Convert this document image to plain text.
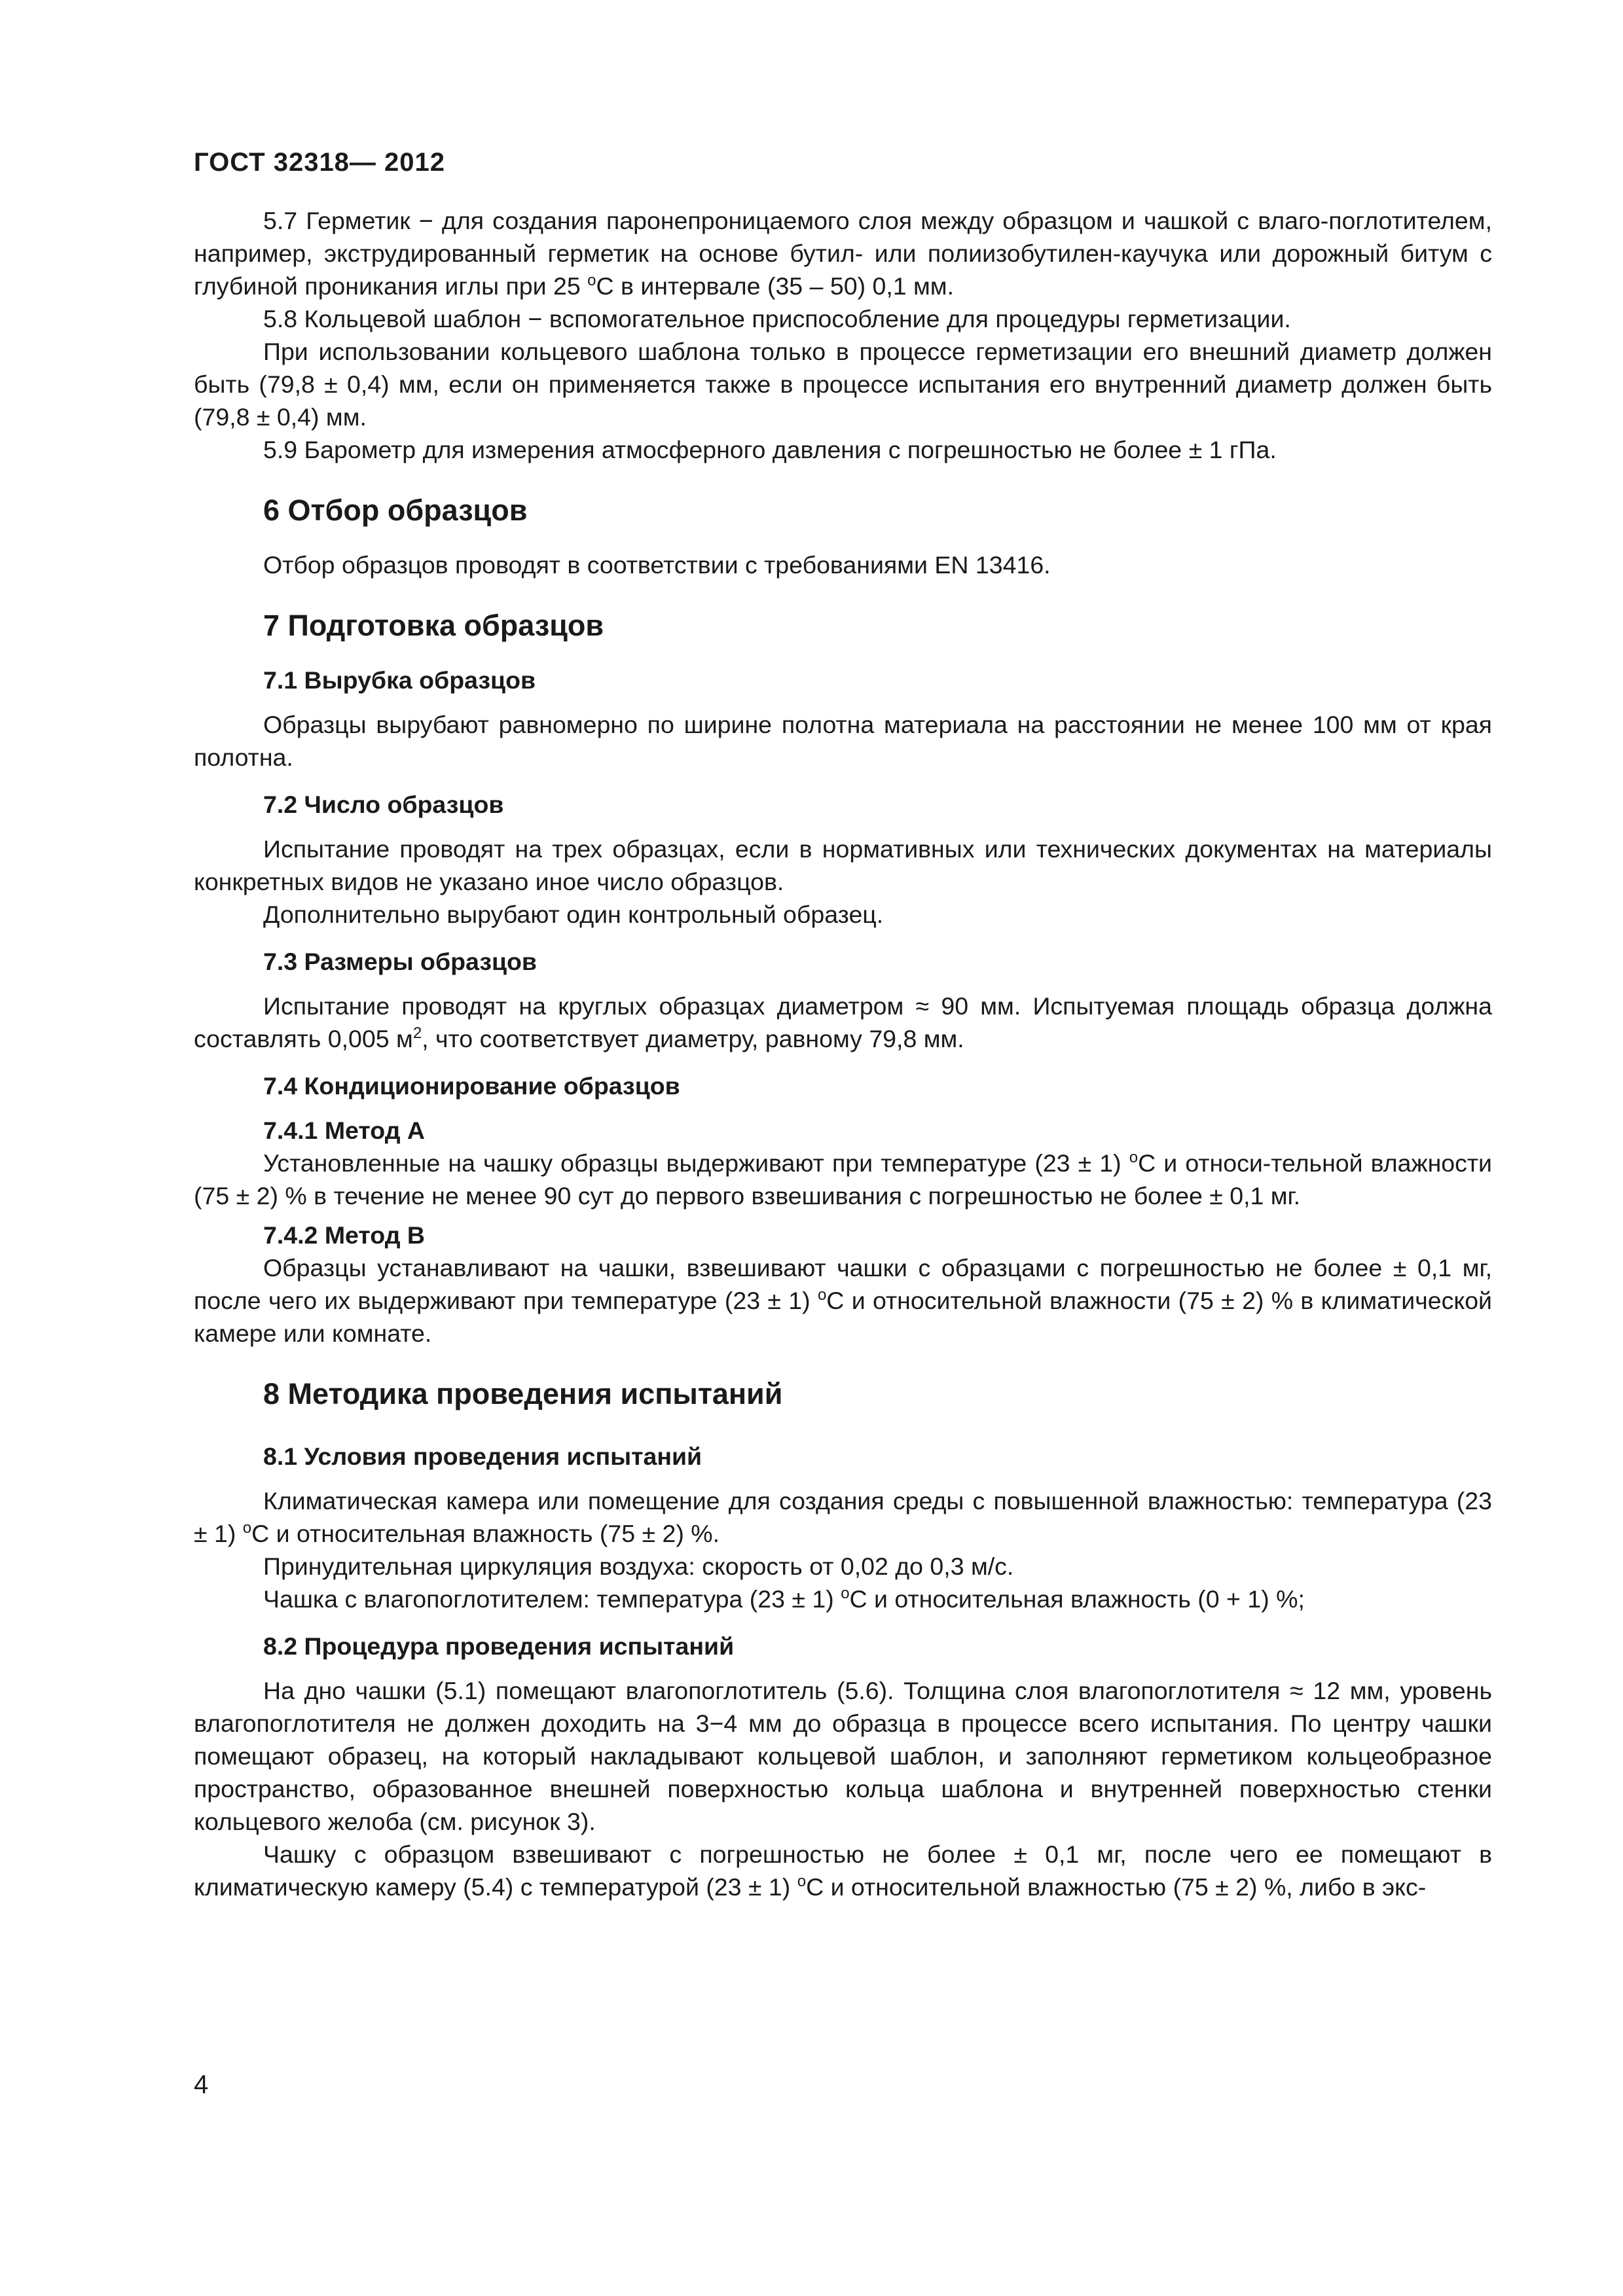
ГОСТ 32318— 2012

5.7 Герметик − для создания паронепроницаемого слоя между образцом и чашкой с влаго-поглотителем, например, экструдированный герметик на основе бутил- или полиизобутилен-каучука или дорожный битум с глубиной проникания иглы при 25 $^о$С в интервале (35 – 50) 0,1 мм.

5.8 Кольцевой шаблон − вспомогательное приспособление для процедуры герметизации.

При использовании кольцевого шаблона только в процессе герметизации его внешний диаметр должен быть (79,8 ± 0,4) мм, если он применяется также в процессе испытания его внутренний диаметр должен быть (79,8 ± 0,4) мм.

5.9 Барометр для измерения атмосферного давления с погрешностью не более ± 1 гПа.

6 Отбор образцов

Отбор образцов проводят в соответствии с требованиями EN 13416.

7 Подготовка образцов
7.1 Вырубка образцов

Образцы вырубают равномерно по ширине полотна материала на расстоянии не менее 100 мм от края полотна.

7.2 Число образцов

Испытание проводят на трех образцах, если в нормативных или технических документах на материалы конкретных видов не указано иное число образцов.

Дополнительно вырубают один контрольный образец.

7.3 Размеры образцов

Испытание проводят на круглых образцах диаметром ≈ 90 мм. Испытуемая площадь образца должна составлять 0,005 $м^2$, что соответствует диаметру, равному 79,8 мм.

7.4 Кондиционирование образцов
7.4.1 Метод А

Установленные на чашку образцы выдерживают при температуре (23 ± 1) $^о$С и относи-тельной влажности (75 ± 2) % в течение не менее 90 сут до первого взвешивания с погрешностью не более ± 0,1 мг.

7.4.2 Метод В

Образцы устанавливают на чашки, взвешивают чашки с образцами с погрешностью не более ± 0,1 мг, после чего их выдерживают при температуре (23 ± 1) $^о$С и относительной влажности (75 ± 2) % в климатической камере или комнате.

8 Методика проведения испытаний
8.1 Условия проведения испытаний

Климатическая камера или помещение для создания среды с повышенной влажностью: температура (23 ± 1) $^о$С и относительная влажность (75 ± 2) %.

Принудительная циркуляция воздуха: скорость от 0,02 до 0,3 м/с.

Чашка с влагопоглотителем: температура (23 ± 1) $^о$С и относительная влажность (0 + 1) %;

8.2 Процедура проведения испытаний

На дно чашки (5.1) помещают влагопоглотитель (5.6). Толщина слоя влагопоглотителя ≈ 12 мм, уровень влагопоглотителя не должен доходить на 3−4 мм до образца в процессе всего испытания. По центру чашки помещают образец, на который накладывают кольцевой шаблон, и заполняют герметиком кольцеобразное пространство, образованное внешней поверхностью кольца шаблона и внутренней поверхностью стенки кольцевого желоба (см. рисунок 3).

Чашку с образцом взвешивают с погрешностью не более ± 0,1 мг, после чего ее помещают в климатическую камеру (5.4) с температурой (23 ± 1) $^о$С и относительной влажностью (75 ± 2) %, либо в экс-

4
